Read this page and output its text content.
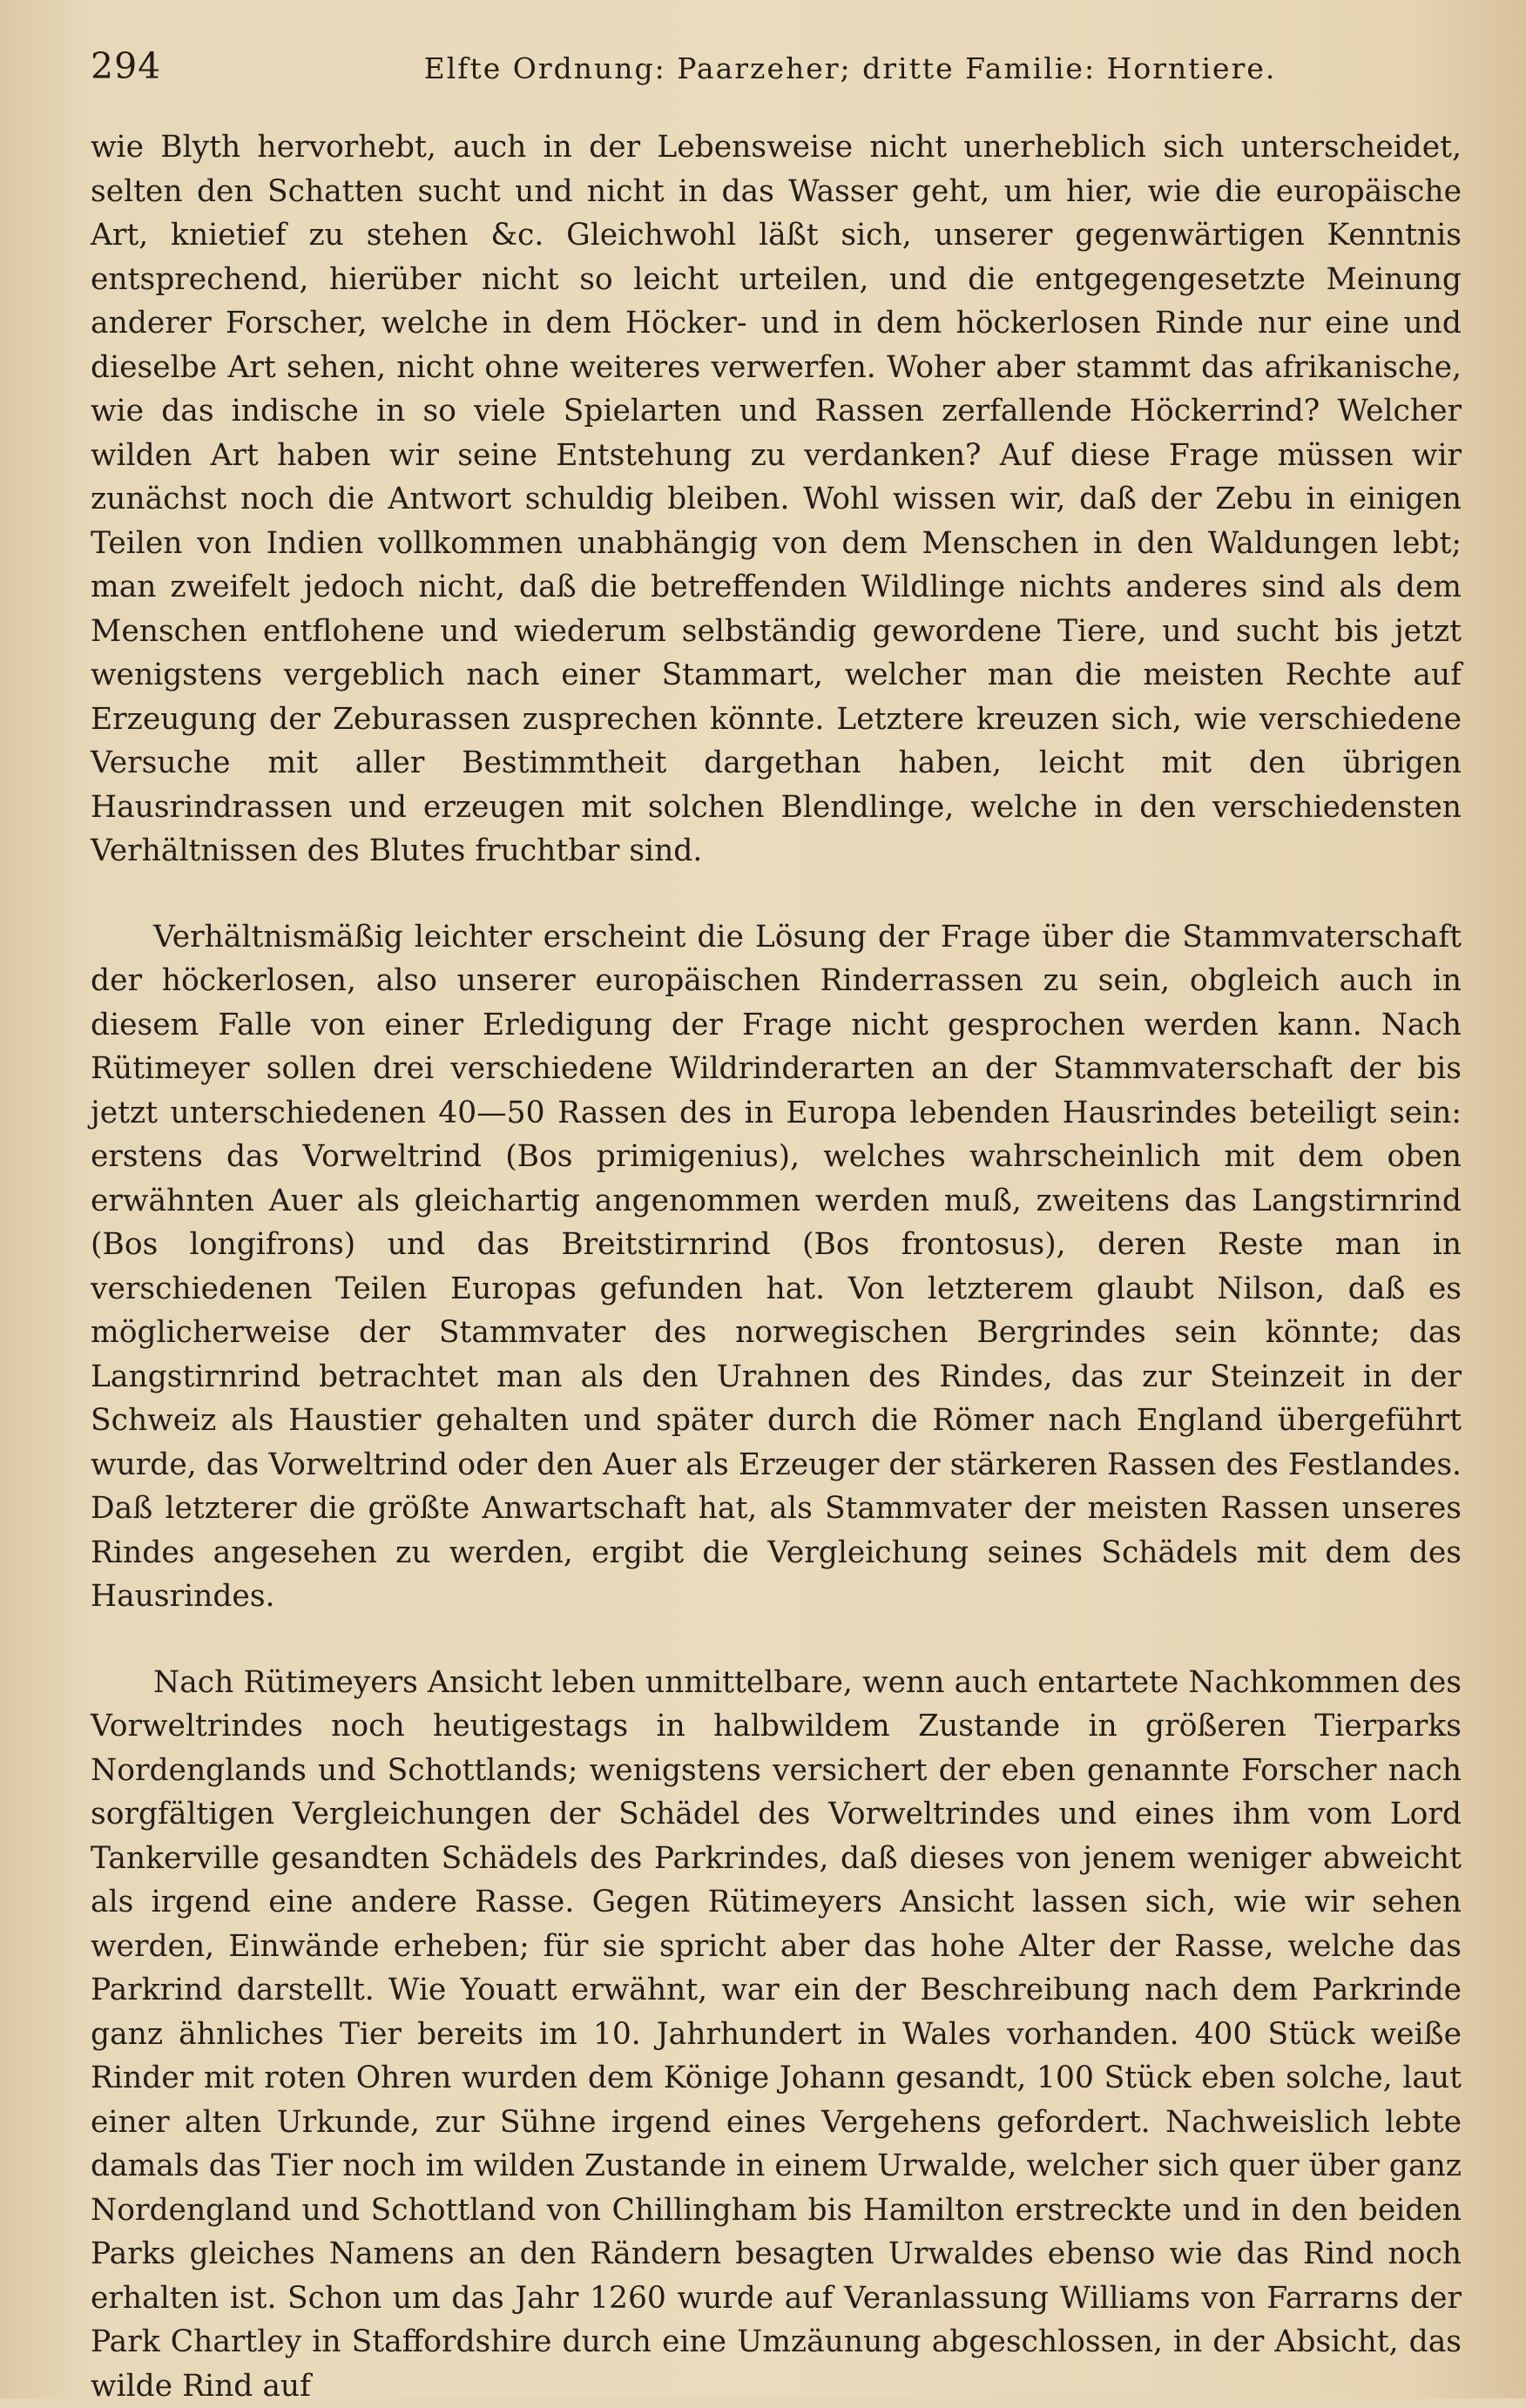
294	Elfte Ordnung: Paarzeher; dritte Familie: Horntiere.

wie Blyth hervorhebt, auch in der Lebensweise nicht unerheblich sich unterscheidet, selten den Schatten sucht und nicht in das Wasser geht, um hier, wie die europäische Art, knietief zu stehen &c. Gleichwohl läßt sich, unserer gegenwärtigen Kenntnis entsprechend, hierüber nicht so leicht urteilen, und die entgegengesetzte Meinung anderer Forscher, welche in dem Höcker- und in dem höckerlosen Rinde nur eine und dieselbe Art sehen, nicht ohne weiteres verwerfen. Woher aber stammt das afrikanische, wie das indische in so viele Spielarten und Rassen zerfallende Höckerrind? Welcher wilden Art haben wir seine Entstehung zu verdanken? Auf diese Frage müssen wir zunächst noch die Antwort schuldig bleiben. Wohl wissen wir, daß der Zebu in einigen Teilen von Indien vollkommen unabhängig von dem Menschen in den Waldungen lebt; man zweifelt jedoch nicht, daß die betreffenden Wildlinge nichts anderes sind als dem Menschen entflohene und wiederum selbständig gewordene Tiere, und sucht bis jetzt wenigstens vergeblich nach einer Stammart, welcher man die meisten Rechte auf Erzeugung der Zeburassen zusprechen könnte. Letztere kreuzen sich, wie verschiedene Versuche mit aller Bestimmtheit dargethan haben, leicht mit den übrigen Hausrindrassen und erzeugen mit solchen Blendlinge, welche in den verschiedensten Verhältnissen des Blutes fruchtbar sind.

Verhältnismäßig leichter erscheint die Lösung der Frage über die Stammvaterschaft der höckerlosen, also unserer europäischen Rinderrassen zu sein, obgleich auch in diesem Falle von einer Erledigung der Frage nicht gesprochen werden kann. Nach Rütimeyer sollen drei verschiedene Wildrinderarten an der Stammvaterschaft der bis jetzt unterschiedenen 40—50 Rassen des in Europa lebenden Hausrindes beteiligt sein: erstens das Vorweltrind (Bos primigenius), welches wahrscheinlich mit dem oben erwähnten Auer als gleichartig angenommen werden muß, zweitens das Langstirnrind (Bos longifrons) und das Breitstirnrind (Bos frontosus), deren Reste man in verschiedenen Teilen Europas gefunden hat. Von letzterem glaubt Nilson, daß es möglicherweise der Stammvater des norwegischen Bergrindes sein könnte; das Langstirnrind betrachtet man als den Urahnen des Rindes, das zur Steinzeit in der Schweiz als Haustier gehalten und später durch die Römer nach England übergeführt wurde, das Vorweltrind oder den Auer als Erzeuger der stärkeren Rassen des Festlandes. Daß letzterer die größte Anwartschaft hat, als Stammvater der meisten Rassen unseres Rindes angesehen zu werden, ergibt die Vergleichung seines Schädels mit dem des Hausrindes.

Nach Rütimeyers Ansicht leben unmittelbare, wenn auch entartete Nachkommen des Vorweltrindes noch heutigestags in halbwildem Zustande in größeren Tierparks Nordenglands und Schottlands; wenigstens versichert der eben genannte Forscher nach sorgfältigen Vergleichungen der Schädel des Vorweltrindes und eines ihm vom Lord Tankerville gesandten Schädels des Parkrindes, daß dieses von jenem weniger abweicht als irgend eine andere Rasse. Gegen Rütimeyers Ansicht lassen sich, wie wir sehen werden, Einwände erheben; für sie spricht aber das hohe Alter der Rasse, welche das Parkrind darstellt. Wie Youatt erwähnt, war ein der Beschreibung nach dem Parkrinde ganz ähnliches Tier bereits im 10. Jahrhundert in Wales vorhanden. 400 Stück weiße Rinder mit roten Ohren wurden dem Könige Johann gesandt, 100 Stück eben solche, laut einer alten Urkunde, zur Sühne irgend eines Vergehens gefordert. Nachweislich lebte damals das Tier noch im wilden Zustande in einem Urwalde, welcher sich quer über ganz Nordengland und Schottland von Chillingham bis Hamilton erstreckte und in den beiden Parks gleiches Namens an den Rändern besagten Urwaldes ebenso wie das Rind noch erhalten ist. Schon um das Jahr 1260 wurde auf Veranlassung Williams von Farrarns der Park Chartley in Staffordshire durch eine Umzäunung abgeschlossen, in der Absicht, das wilde Rind auf
